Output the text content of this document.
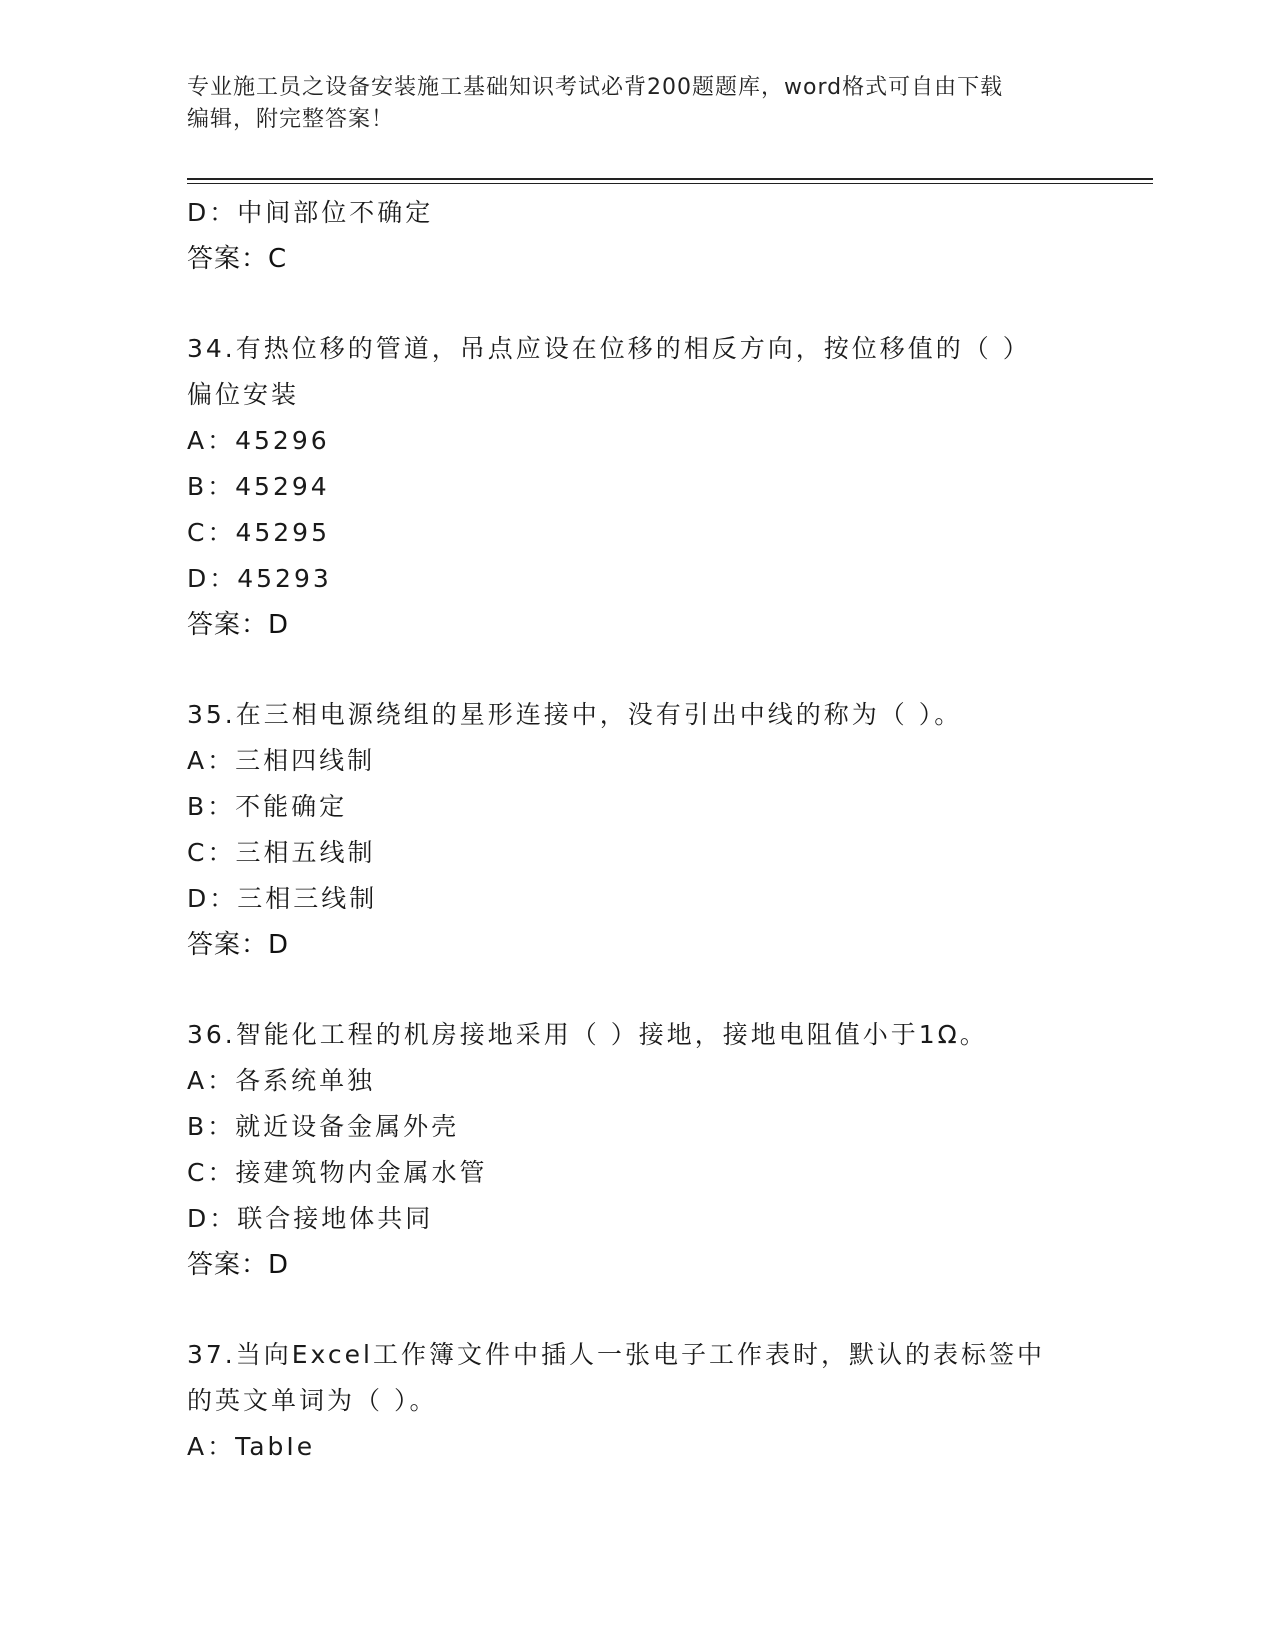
专业施工员之设备安装施工基础知识考试必背200题题库，word格式可自由下载
编辑，附完整答案！
D：中间部位不确定
答案：C
34.有热位移的管道，吊点应设在位移的相反方向，按位移值的（ ）
偏位安装
A：45296
B：45294
C：45295
D：45293
答案：D
35.在三相电源绕组的星形连接中，没有引出中线的称为（ ）。
A：三相四线制
B：不能确定
C：三相五线制
D：三相三线制
答案：D
36.智能化工程的机房接地采用（ ）接地，接地电阻值小于1Ω。
A：各系统单独
B：就近设备金属外壳
C：接建筑物内金属水管
D：联合接地体共同
答案：D
37.当向Excel工作簿文件中插人一张电子工作表时，默认的表标签中
的英文单词为（ ）。
A：TabIe
